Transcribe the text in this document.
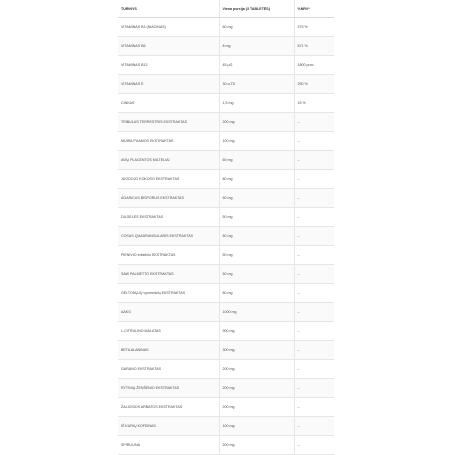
TURINYS	Viena porcija (3 TABLETĖS)	%NRV*
VITAMINAS B3 (NIACINAS)	60 mg	375 %
VITAMINAS B6	8 mg	571 %
VITAMINAS B12	45 μG	1800 proc.
VITAMINAS E	30 α-TE	250 %
CINKAS	1,5 mg	15 %
TRIBULUS TERRESTRIS EKSTRAKTAS	200 mg	–
MUIRA PUAMOS EKSTRAKTAS	100 mg	–
AVIŲ PLACENTOS MILTELIAI	60 mg	–
JUODOJO KOKOSO EKSTRAKTAS	80 mg	–
AGARICUS BISPORUS EKSTRAKTAS	50 mg	–
DILGĖLĖS EKSTRAKTAS	50 mg	–
COSUS QUADRANGULARIS EKSTRAKTAS	50 mg	–
PIENIVIO erškėčio EKSTRAKTAS	50 mg	–
SAW PALMETTO EKSTRAKTAS	50 mg	–
GELTONŲJŲ vynmedžių EKSTRAKTAS	80 mg	–
AAKG	1000 mg	–
L-CITRULINO MALATAS	900 mg	–
BETA ALANINAS	300 mg	–
GARANO EKSTRAKTAS	200 mg	–
RYTINIŲ ŽENŠENIO EKSTRAKTAS	200 mg	–
ŽALIOSIOS ARBATOS EKSTRAKTAS	200 mg	–
IŠ KURIŲ KOFEINAS	100 mg	–
SPIRULINA	200 mg	–
